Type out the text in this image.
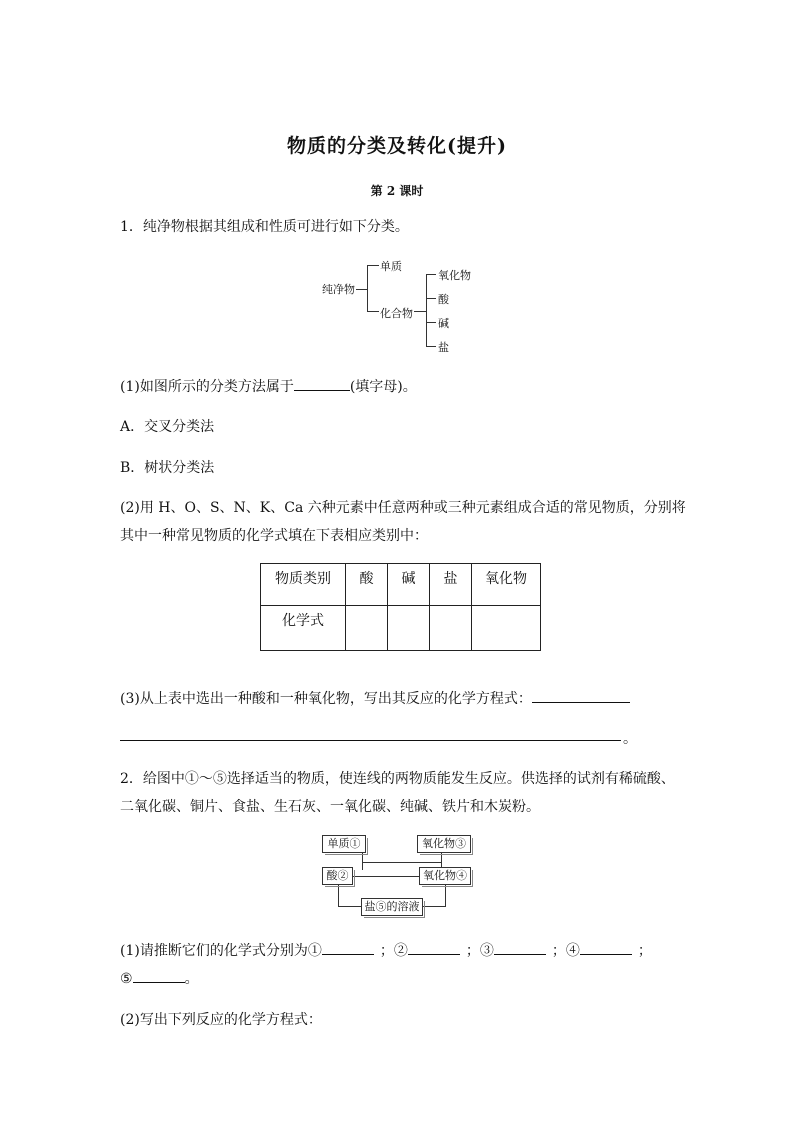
物质的分类及转化(提升)
第 2 课时
1．纯净物根据其组成和性质可进行如下分类。
纯净物
单质
化合物
氧化物
酸
碱
盐
(1)如图所示的分类方法属于	(填字母)。
A．交叉分类法
B．树状分类法
(2)用 H、O、S、N、K、Ca 六种元素中任意两种或三种元素组成合适的常见物质，分别将
其中一种常见物质的化学式填在下表相应类别中：
物质类别	酸	碱	盐	氧化物
化学式				
(3)从上表中选出一种酸和一种氧化物，写出其反应的化学方程式：
。
2．给图中①～⑤选择适当的物质，使连线的两物质能发生反应。供选择的试剂有稀硫酸、
二氧化碳、铜片、食盐、生石灰、一氧化碳、纯碱、铁片和木炭粉。
单质①
酸②
氧化物③
氧化物④
盐⑤的溶液
(1)请推断它们的化学式分别为①	；②	；③	；④	；
⑤	。
(2)写出下列反应的化学方程式：
